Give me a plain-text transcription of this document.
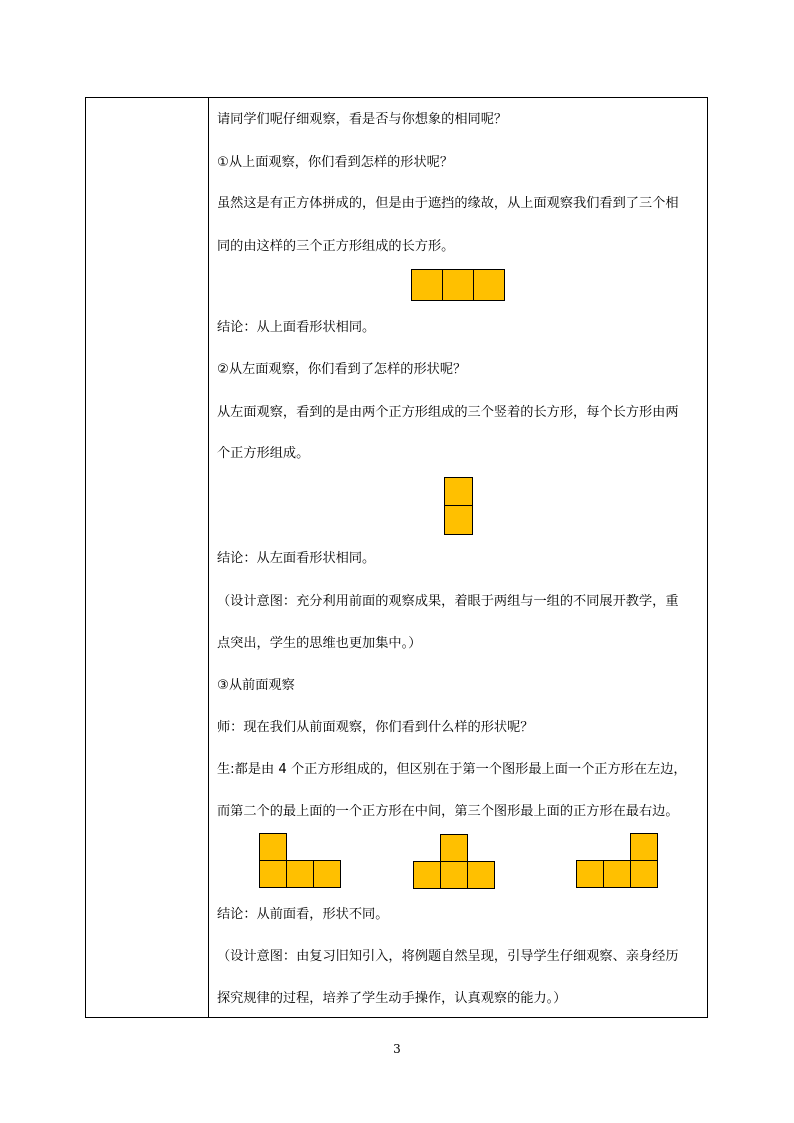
请同学们呢仔细观察，看是否与你想象的相同呢？
①从上面观察，你们看到怎样的形状呢？
虽然这是有正方体拼成的，但是由于遮挡的缘故，从上面观察我们看到了三个相
同的由这样的三个正方形组成的长方形。
结论：从上面看形状相同。
②从左面观察，你们看到了怎样的形状呢？
从左面观察，看到的是由两个正方形组成的三个竖着的长方形，每个长方形由两
个正方形组成。
结论：从左面看形状相同。
（设计意图：充分利用前面的观察成果，着眼于两组与一组的不同展开教学，重
点突出，学生的思维也更加集中。）
③从前面观察
师：现在我们从前面观察，你们看到什么样的形状呢？
生:都是由 4 个正方形组成的，但区别在于第一个图形最上面一个正方形在左边，
而第二个的最上面的一个正方形在中间，第三个图形最上面的正方形在最右边。
结论：从前面看，形状不同。
（设计意图：由复习旧知引入，将例题自然呈现，引导学生仔细观察、亲身经历
探究规律的过程，培养了学生动手操作，认真观察的能力。）
3
